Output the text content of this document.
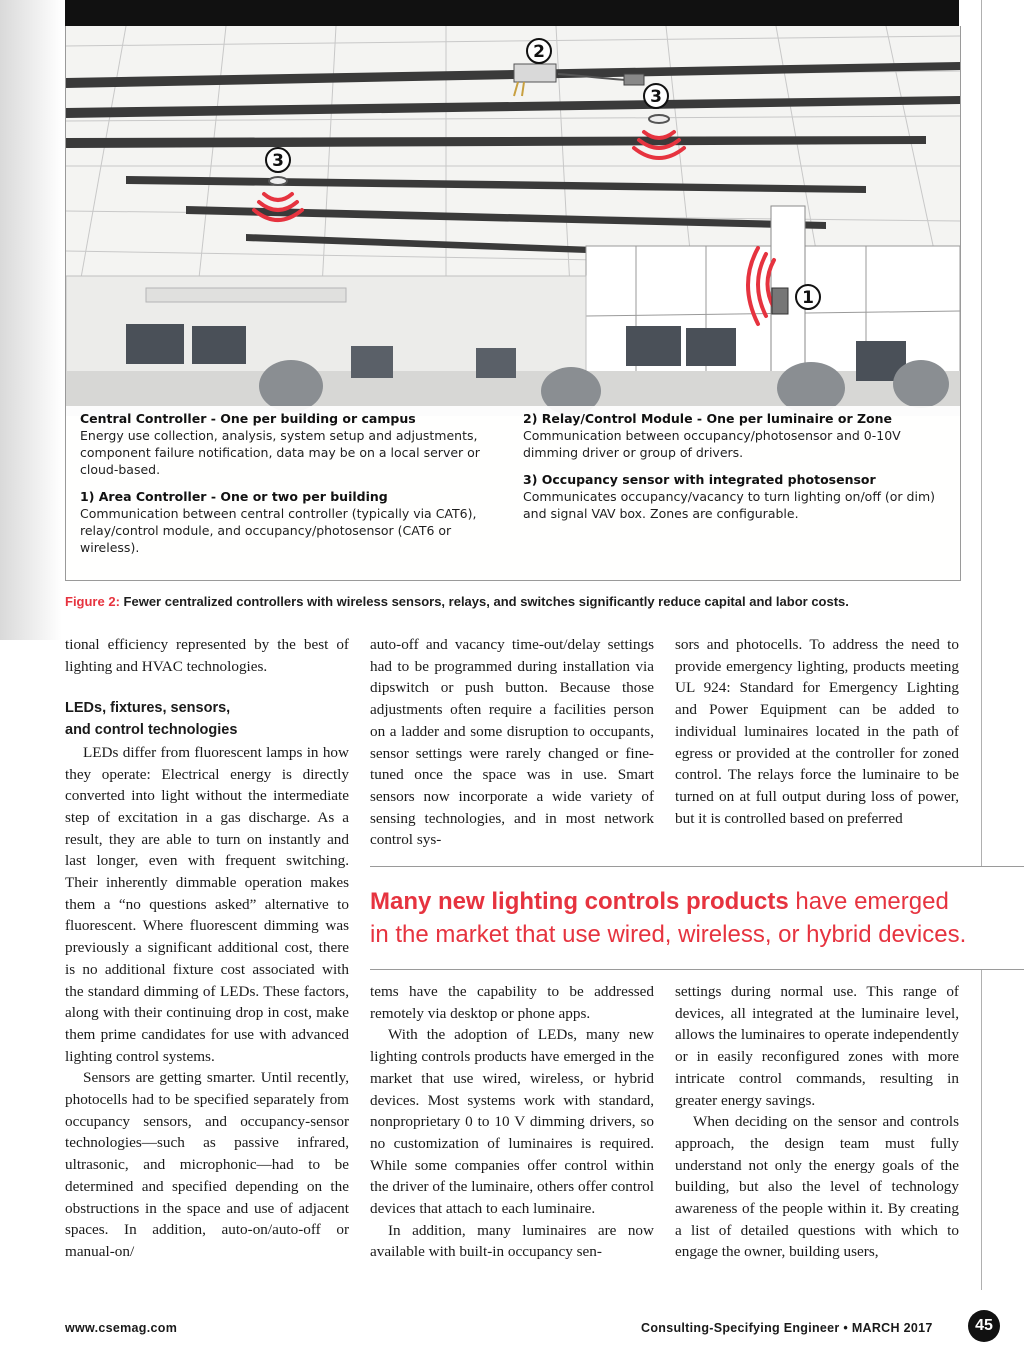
2
3
3
1
Central Controller - One per building or campus
Energy use collection, analysis, system setup and adjustments, component failure notification, data may be on a local server or cloud-based.
1) Area Controller - One or two per building
Communication between central controller (typically via CAT6), relay/control module, and occupancy/photosensor (CAT6 or wireless).
2) Relay/Control Module - One per luminaire or Zone
Communication between occupancy/photosensor and 0-10V dimming driver or group of drivers.
3) Occupancy sensor with integrated photosensor
Communicates occupancy/vacancy to turn lighting on/off (or dim) and signal VAV box. Zones are configurable.
Figure 2: Fewer centralized controllers with wireless sensors, relays, and switches significantly reduce capital and labor costs.

tional efficiency represented by the best of lighting and HVAC technologies.

LEDs, fixtures, sensors,
and control technologies

LEDs differ from fluorescent lamps in how they operate: Electrical energy is directly converted into light without the intermediate step of excitation in a gas discharge. As a result, they are able to turn on instantly and last longer, even with frequent switching. Their inherently dimmable operation makes them a “no questions asked” alternative to fluorescent. Where fluorescent dimming was previously a significant additional cost, there is no additional fixture cost associated with the standard dimming of LEDs. These factors, along with their continuing drop in cost, make them prime candidates for use with advanced lighting control systems.

Sensors are getting smarter. Until recently, photocells had to be specified separately from occupancy sensors, and occupancy-sensor technologies—such as passive infrared, ultrasonic, and microphonic—had to be determined and specified depending on the obstructions in the space and use of adjacent spaces. In addition, auto-on/auto-off or manual-on/

auto-off and vacancy time-out/delay settings had to be programmed during installation via dipswitch or push button. Because those adjustments often require a facilities person on a ladder and some disruption to occupants, sensor settings were rarely changed or fine-tuned once the space was in use. Smart sensors now incorporate a wide variety of sensing technologies, and in most network control sys-

sors and photocells. To address the need to provide emergency lighting, products meeting UL 924: Standard for Emergency Lighting and Power Equipment can be added to individual luminaires located in the path of egress or provided at the controller for zoned control. The relays force the luminaire to be turned on at full output during loss of power, but it is controlled based on preferred

Many new lighting controls products have emerged
in the market that use wired, wireless, or hybrid devices.

tems have the capability to be addressed remotely via desktop or phone apps.

With the adoption of LEDs, many new lighting controls products have emerged in the market that use wired, wireless, or hybrid devices. Most systems work with standard, nonproprietary 0 to 10 V dimming drivers, so no customization of luminaires is required. While some companies offer control within the driver of the luminaire, others offer control devices that attach to each luminaire.

In addition, many luminaires are now available with built-in occupancy sen-

settings during normal use. This range of devices, all integrated at the luminaire level, allows the luminaires to operate independently or in easily reconfigured zones with more intricate control commands, resulting in greater energy savings.

When deciding on the sensor and controls approach, the design team must fully understand not only the energy goals of the building, but also the level of technology awareness of the people within it. By creating a list of detailed questions with which to engage the owner, building users,

www.csemag.com	Consulting-Specifying Engineer • MARCH 2017	45
